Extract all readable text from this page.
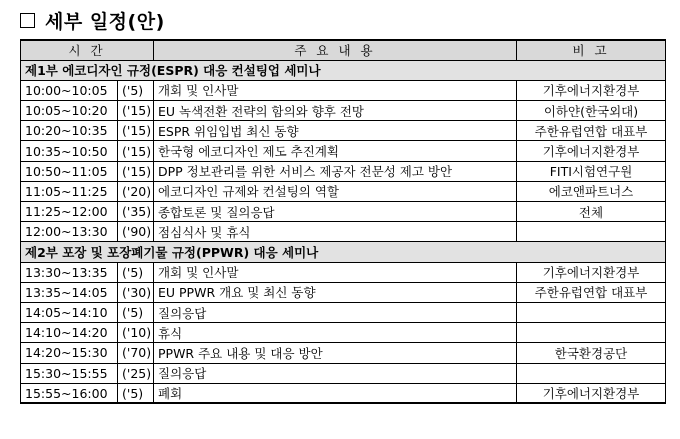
세부 일정(안)
시 간		주 요 내 용	비 고
제1부 에코디자인 규정(ESPR) 대응 컨설팅업 세미나			
10:00~10:05	('5)	개회 및 인사말	기후에너지환경부
10:05~10:20	('15)	EU 녹색전환 전략의 함의와 향후 전망	이하얀(한국외대)
10:20~10:35	('15)	ESPR 위임입법 최신 동향	주한유럽연합 대표부
10:35~10:50	('15)	한국형 에코디자인 제도 추진계획	기후에너지환경부
10:50~11:05	('15)	DPP 정보관리를 위한 서비스 제공자 전문성 제고 방안	FITI시험연구원
11:05~11:25	('20)	에코디자인 규제와 컨설팅의 역할	에코앤파트너스
11:25~12:00	('35)	종합토론 및 질의응답	전체
12:00~13:30	('90)	점심식사 및 휴식	
제2부 포장 및 포장폐기물 규정(PPWR) 대응 세미나			
13:30~13:35	('5)	개회 및 인사말	기후에너지환경부
13:35~14:05	('30)	EU PPWR 개요 및 최신 동향	주한유럽연합 대표부
14:05~14:10	('5)	질의응답	
14:10~14:20	('10)	휴식	
14:20~15:30	('70)	PPWR 주요 내용 및 대응 방안	한국환경공단
15:30~15:55	('25)	질의응답	
15:55~16:00	('5)	폐회	기후에너지환경부
